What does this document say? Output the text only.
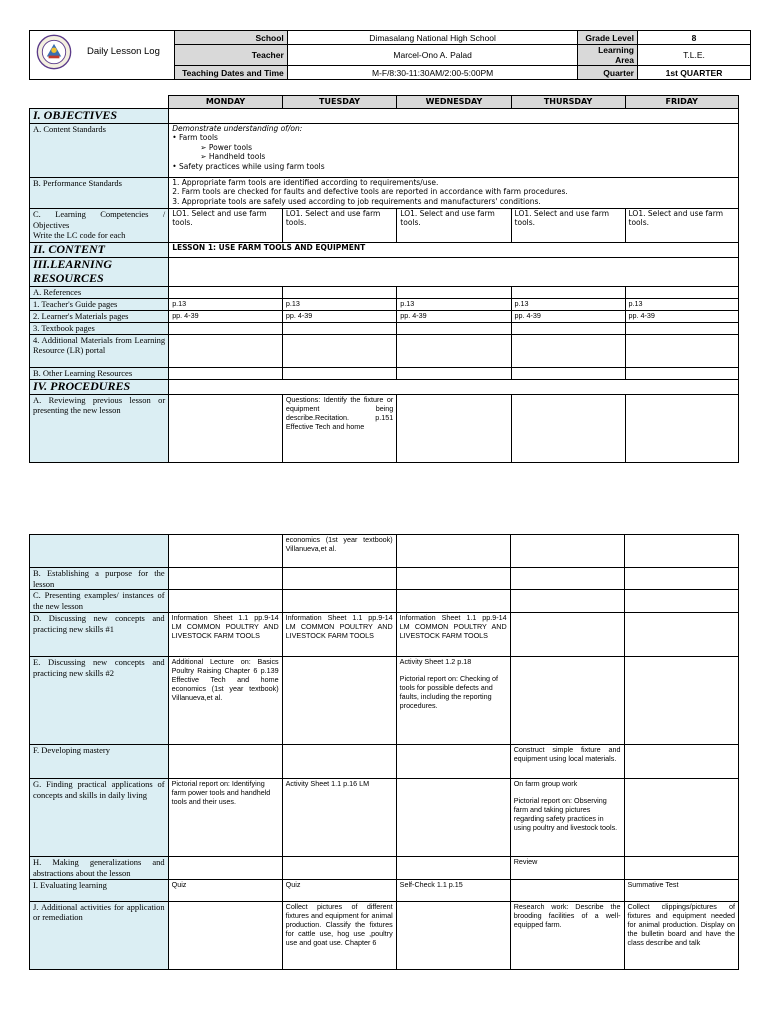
Daily Lesson Log	School	Dimasalang National High School	Grade Level	8
	Teacher	Marcel-Ono A. Palad	Learning Area	T.L.E.
	Teaching Dates and Time	M-F/8:30-11:30AM/2:00-5:00PM	Quarter	1st QUARTER
	MONDAY	TUESDAY	WEDNESDAY	THURSDAY	FRIDAY
I. OBJECTIVES					
A. Content Standards	Demonstrate understanding of/on:
• Farm tools
➢ Power tools
➢ Handheld tools
• Safety practices while using farm tools				

B. Performance Standards	1. Appropriate farm tools are identified according to requirements/use.
2. Farm tools are checked for faults and defective tools are reported in accordance with farm procedures.
3. Appropriate tools are safely used according to job requirements and manufacturers' conditions.				

C. Learning Competencies / Objectives
Write the LC code for each	LO1. Select and use farm tools.	LO1. Select and use farm tools.	LO1. Select and use farm tools.	LO1. Select and use farm tools.	LO1. Select and use farm tools.
II. CONTENT	LESSON 1: USE FARM TOOLS AND EQUIPMENT				
III.LEARNING RESOURCES					
A. References					
1. Teacher's Guide pages	p.13	p.13	p.13	p.13	p.13
2. Learner's Materials pages	pp. 4-39	pp. 4-39	pp. 4-39	pp. 4-39	pp. 4-39
3. Textbook pages					
4. Additional Materials from Learning Resource (LR) portal					
B. Other Learning Resources					
IV. PROCEDURES					
A. Reviewing previous lesson or presenting the new lesson		Questions: Identify the fixture or equipment being describe.Recitation. p.151 Effective Tech and home			
		economics (1st year textbook) Villanueva,et al.			
B. Establishing a purpose for the lesson					
C. Presenting examples/ instances of the new lesson					
D. Discussing new concepts and practicing new skills #1	Information Sheet 1.1 pp.9-14 LM COMMON POULTRY AND LIVESTOCK FARM TOOLS	Information Sheet 1.1 pp.9-14 LM COMMON POULTRY AND LIVESTOCK FARM TOOLS	Information Sheet 1.1 pp.9-14 LM COMMON POULTRY AND LIVESTOCK FARM TOOLS		
E. Discussing new concepts and practicing new skills #2	Additional Lecture on: Basics Poultry Raising Chapter 6 p.139 Effective Tech and home economics (1st year textbook) Villanueva,et al.		Activity Sheet 1.2 p.18
Pictorial report on: Checking of tools for possible defects and faults, including the reporting procedures.		

F. Developing mastery				Construct simple fixture and equipment using local materials.	
G. Finding practical applications of concepts and skills in daily living	Pictorial report on: Identifying farm power tools and handheld tools and their uses.	Activity Sheet 1.1 p.16 LM		On farm group work
Pictorial report on: Observing farm and taking pictures regarding safety practices in using poultry and livestock tools.	

H. Making generalizations and abstractions about the lesson				Review	
I. Evaluating learning	Quiz	Quiz	Self-Check 1.1 p.15		Summative Test
J. Additional activities for application or remediation		Collect pictures of different fixtures and equipment for animal production. Classify the fixtures for cattle use, hog use ,poultry use and goat use. Chapter 6		Research work: Describe the brooding facilities of a well-equipped farm.	Collect clippings/pictures of fixtures and equipment needed for animal production. Display on the bulletin board and have the class describe and talk
